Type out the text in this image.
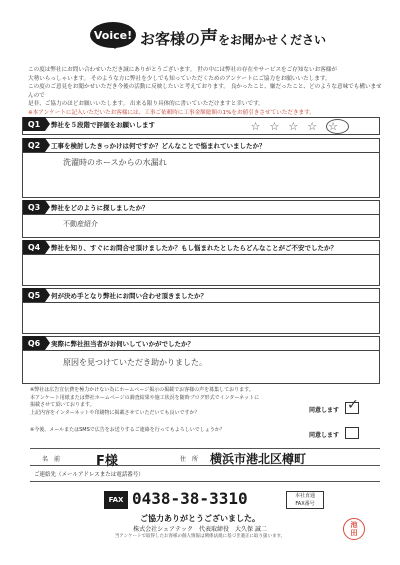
Voice! お客様の声をお聞かせください
この度は弊社にお問い合わせいただき誠にありがとうございます。 世の中には弊社の存在やサービスをご存知ないお客様が
大勢いらっしゃいます。 そのような方に弊社を少しでも知っていただくためのアンケートにご協力をお願いいたします。
この度のご意見をお聞かせいただき今後の活動に反映したいと考えております。 良かったこと、嫌だったこと、どのような意味でも構いませんので
是非、ご協力のほどお願いいたします。 出来る限り具体的に書いていただけますと幸いです。
※本アンケートに記入いただいたお客様には、工事ご依頼時に工事金額総額の1%をお値引きさせていただきます。
Q1	弊社を５段階で評価をお願いします	☆☆☆☆ ☆
Q2	工事を検討したきっかけは何ですか？どんなことで悩まれていましたか？
洗濯時のホースからの水漏れ
Q3	弊社をどのように探しましたか？
不動産紹介
Q4	弊社を知り、すぐにお問合せ頂けましたか？もし悩まれたとしたらどんなことがご不安でしたか？
Q5	何が決め手となり弊社にお問い合わせ頂きましたか？
Q6	実際に弊社担当者がお伺いしていかがでしたか？
原因を見つけていただき助かりました。
※弊社は広告宣伝費を極力かけない為にホームページ掲示の掲載でお客様の声を募集しております。
本アンケート用紙または弊社ホームページの調査結果や施工状況を随時ブログ形式でインターネットに
掲載させて頂いております。
上記内容をインターネットや印刷物に掲載させていただいても良いですか？
※今後、メールまたはSMSで広告をお送りするご連絡を行ってもよろしいでしょうか？
同意します
✓
同意します
名　前	F様	住　所 横浜市港北区樽町
ご連絡先（メールアドレスまたは電話番号）
FAX 0438-38-3310	本社直通
FAX番号
ご協力ありがとうございました。
株式会社シェアテック　代表取締役　大久保 誠二
当アンケートで取得したお客様の個人情報は関係法規に基づき適正に取り扱います。
池
田
